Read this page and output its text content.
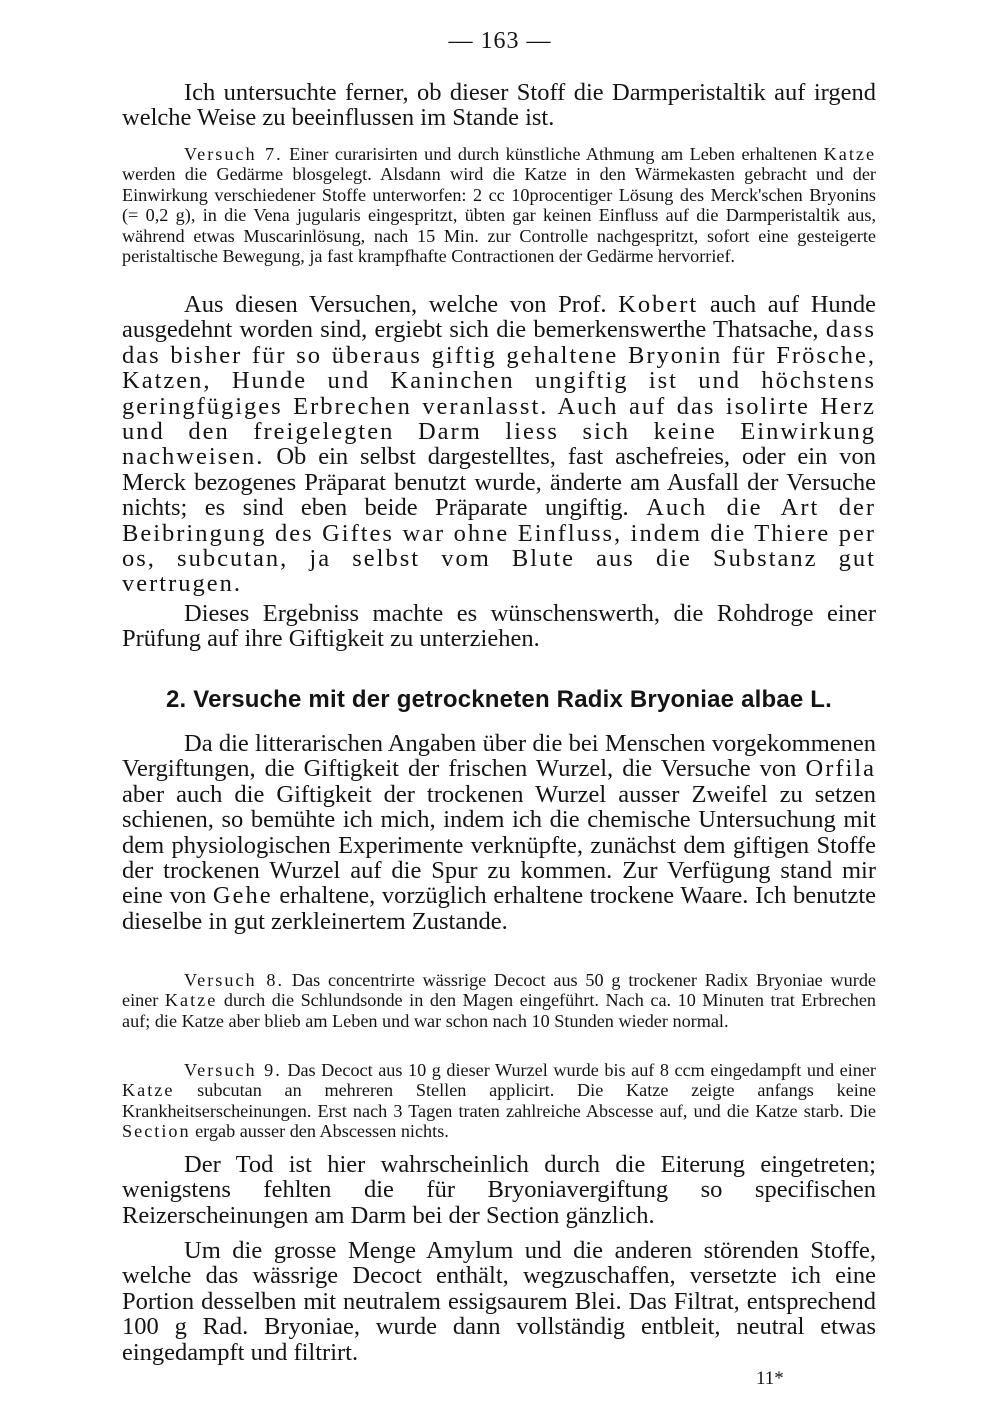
— 163 —

Ich untersuchte ferner, ob dieser Stoff die Darmperistaltik auf irgend welche Weise zu beeinflussen im Stande ist.

Versuch 7. Einer curarisirten und durch künstliche Athmung am Leben erhaltenen Katze werden die Gedärme blosgelegt. Alsdann wird die Katze in den Wärmekasten gebracht und der Einwirkung verschiedener Stoffe unterworfen: 2 cc 10procentiger Lösung des Merck'schen Bryonins (= 0,2 g), in die Vena jugularis eingespritzt, übten gar keinen Einfluss auf die Darmperistaltik aus, während etwas Muscarinlösung, nach 15 Min. zur Controlle nachgespritzt, sofort eine gesteigerte peristaltische Bewegung, ja fast krampfhafte Contractionen der Gedärme hervorrief.

Aus diesen Versuchen, welche von Prof. Kobert auch auf Hunde ausgedehnt worden sind, ergiebt sich die bemerkenswerthe Thatsache, dass das bisher für so überaus giftig gehaltene Bryonin für Frösche, Katzen, Hunde und Kaninchen ungiftig ist und höchstens geringfügiges Erbrechen veranlasst. Auch auf das isolirte Herz und den freigelegten Darm liess sich keine Einwirkung nachweisen. Ob ein selbst dargestelltes, fast aschefreies, oder ein von Merck bezogenes Präparat benutzt wurde, änderte am Ausfall der Versuche nichts; es sind eben beide Präparate ungiftig. Auch die Art der Beibringung des Giftes war ohne Einfluss, indem die Thiere per os, subcutan, ja selbst vom Blute aus die Substanz gut vertrugen.

Dieses Ergebniss machte es wünschenswerth, die Rohdroge einer Prüfung auf ihre Giftigkeit zu unterziehen.

2. Versuche mit der getrockneten Radix Bryoniae albae L.

Da die litterarischen Angaben über die bei Menschen vorgekommenen Vergiftungen, die Giftigkeit der frischen Wurzel, die Versuche von Orfila aber auch die Giftigkeit der trockenen Wurzel ausser Zweifel zu setzen schienen, so bemühte ich mich, indem ich die chemische Untersuchung mit dem physiologischen Experimente verknüpfte, zunächst dem giftigen Stoffe der trockenen Wurzel auf die Spur zu kommen. Zur Verfügung stand mir eine von Gehe erhaltene, vorzüglich erhaltene trockene Waare. Ich benutzte dieselbe in gut zerkleinertem Zustande.

Versuch 8. Das concentrirte wässrige Decoct aus 50 g trockener Radix Bryoniae wurde einer Katze durch die Schlundsonde in den Magen eingeführt. Nach ca. 10 Minuten trat Erbrechen auf; die Katze aber blieb am Leben und war schon nach 10 Stunden wieder normal.

Versuch 9. Das Decoct aus 10 g dieser Wurzel wurde bis auf 8 ccm eingedampft und einer Katze subcutan an mehreren Stellen applicirt. Die Katze zeigte anfangs keine Krankheitserscheinungen. Erst nach 3 Tagen traten zahlreiche Abscesse auf, und die Katze starb. Die Section ergab ausser den Abscessen nichts.

Der Tod ist hier wahrscheinlich durch die Eiterung eingetreten; wenigstens fehlten die für Bryoniavergiftung so specifischen Reizerscheinungen am Darm bei der Section gänzlich.

Um die grosse Menge Amylum und die anderen störenden Stoffe, welche das wässrige Decoct enthält, wegzuschaffen, versetzte ich eine Portion desselben mit neutralem essigsaurem Blei. Das Filtrat, entsprechend 100 g Rad. Bryoniae, wurde dann vollständig entbleit, neutral etwas eingedampft und filtrirt.

11*
